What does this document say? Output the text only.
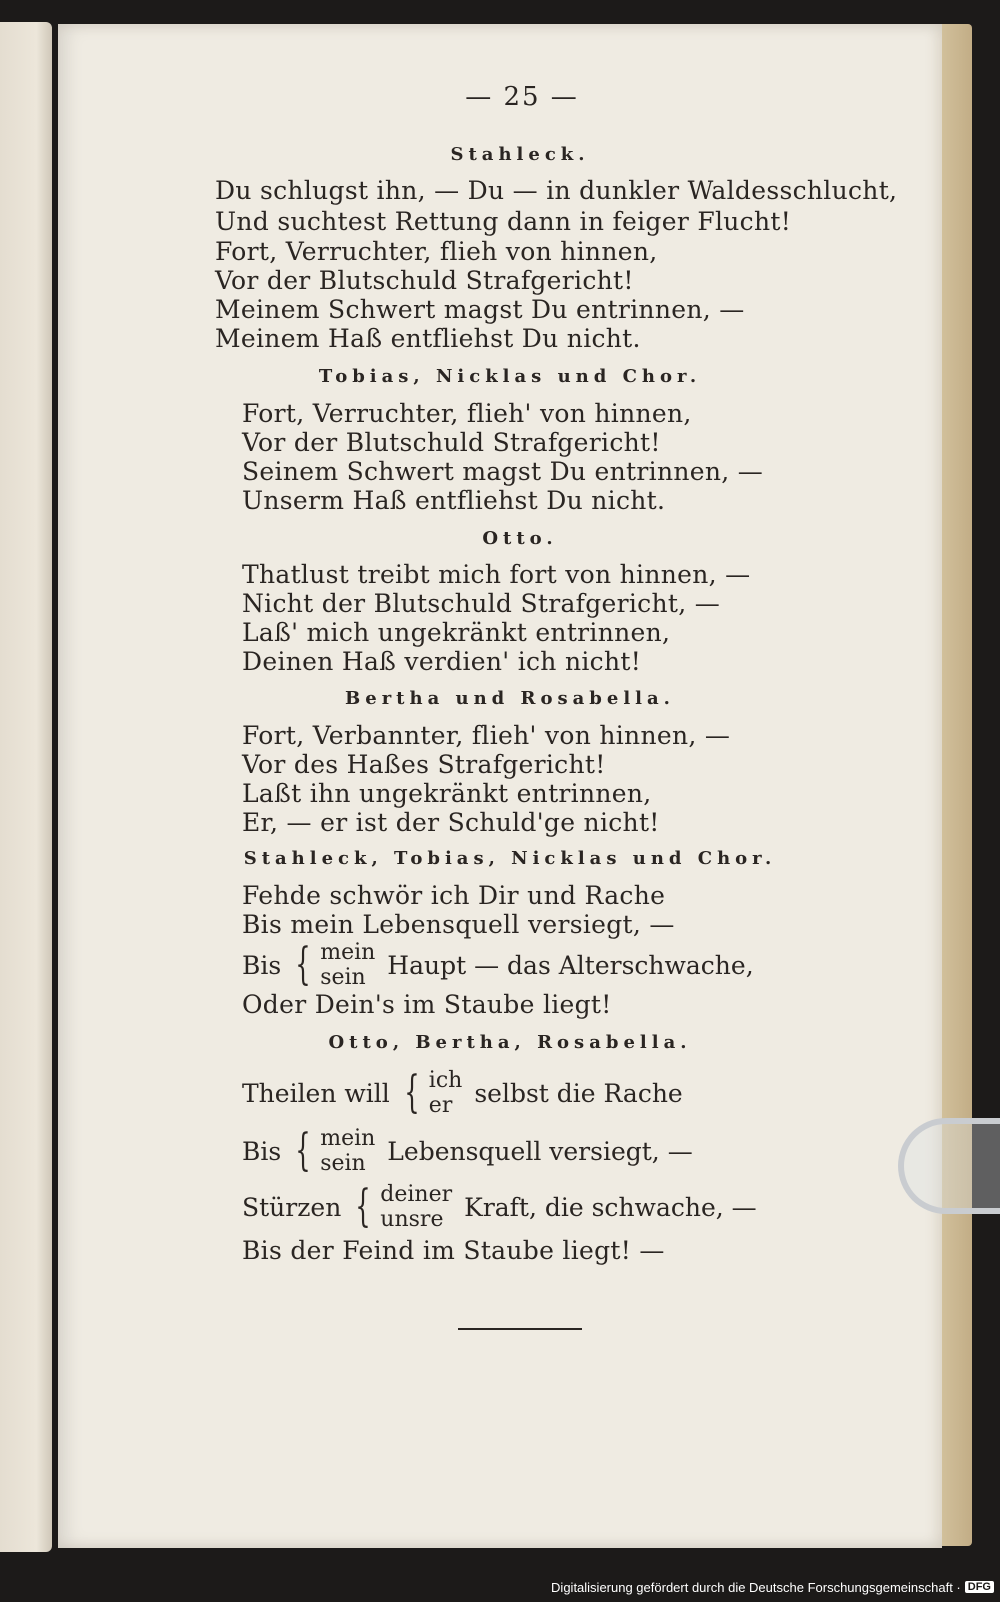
— 25 —
Stahleck.
Du schlugst ihn, — Du — in dunkler Waldesschlucht,
Und suchtest Rettung dann in feiger Flucht!
Fort, Verruchter, flieh von hinnen,
Vor der Blutschuld Strafgericht!
Meinem Schwert magst Du entrinnen, —
Meinem Haß entfliehst Du nicht.
Tobias, Nicklas und Chor.
Fort, Verruchter, flieh' von hinnen,
Vor der Blutschuld Strafgericht!
Seinem Schwert magst Du entrinnen, —
Unserm Haß entfliehst Du nicht.
Otto.
Thatlust treibt mich fort von hinnen, —
Nicht der Blutschuld Strafgericht, —
Laß' mich ungekränkt entrinnen,
Deinen Haß verdien' ich nicht!
Bertha und Rosabella.
Fort, Verbannter, flieh' von hinnen, —
Vor des Haßes Strafgericht!
Laßt ihn ungekränkt entrinnen,
Er, — er ist der Schuld'ge nicht!
Stahleck, Tobias, Nicklas und Chor.
Fehde schwör ich Dir und Rache
Bis mein Lebensquell versiegt, —
Bis { mein
sein Haupt — das Alterschwache,
Oder Dein's im Staube liegt!
Otto, Bertha, Rosabella.
Theilen will { ich
er selbst die Rache
Bis { mein
sein Lebensquell versiegt, —
Stürzen { deiner
unsre Kraft, die schwache, —
Bis der Feind im Staube liegt! —
Digitalisierung gefördert durch die Deutsche Forschungsgemeinschaft · DFG
